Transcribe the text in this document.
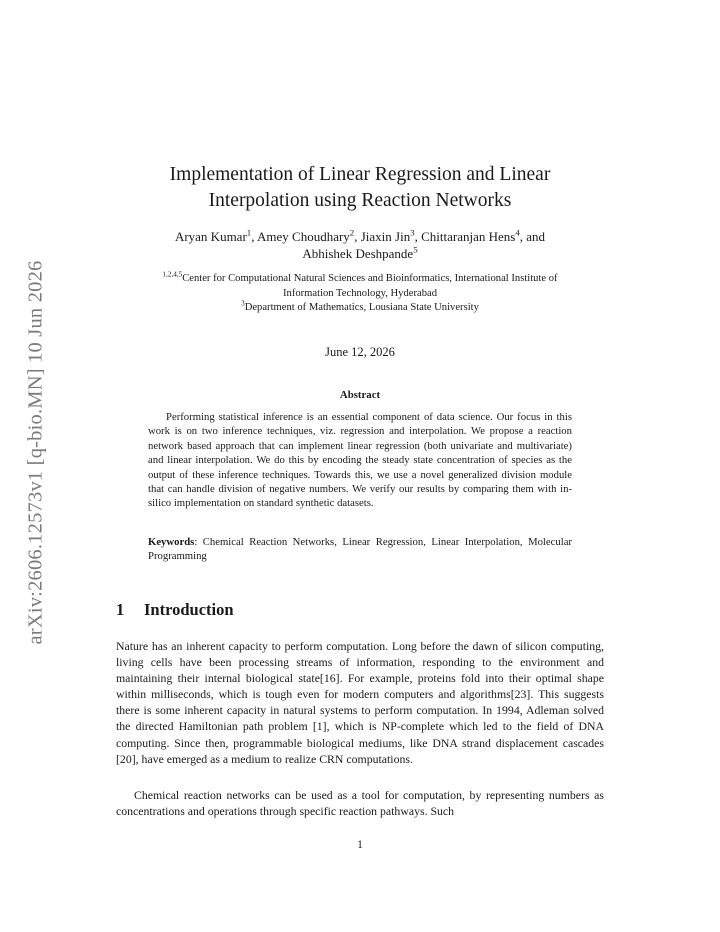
arXiv:2606.12573v1 [q-bio.MN] 10 Jun 2026
Implementation of Linear Regression and Linear
Interpolation using Reaction Networks
Aryan Kumar$^1$, Amey Choudhary$^2$, Jiaxin Jin$^3$, Chittaranjan Hens$^4$, and
Abhishek Deshpande$^5$
$^{1,2,4,5}$Center for Computational Natural Sciences and Bioinformatics, International Institute of
Information Technology, Hyderabad
$^3$Department of Mathematics, Lousiana State University
June 12, 2026
Abstract

Performing statistical inference is an essential component of data science. Our focus in this work is on two inference techniques, viz. regression and interpolation. We propose a reaction network based approach that can implement linear regression (both univariate and multivariate) and linear interpolation. We do this by encoding the steady state concentration of species as the output of these inference techniques. Towards this, we use a novel generalized division module that can handle division of negative numbers. We verify our results by comparing them with in-silico implementation on standard synthetic datasets.

Keywords: Chemical Reaction Networks, Linear Regression, Linear Interpolation, Molecular Programming

1 Introduction

Nature has an inherent capacity to perform computation. Long before the dawn of silicon computing, living cells have been processing streams of information, responding to the environment and maintaining their internal biological state[16]. For example, proteins fold into their optimal shape within milliseconds, which is tough even for modern computers and algorithms[23]. This suggests there is some inherent capacity in natural systems to perform computation. In 1994, Adleman solved the directed Hamiltonian path problem [1], which is NP-complete which led to the field of DNA computing. Since then, programmable biological mediums, like DNA strand displacement cascades [20], have emerged as a medium to realize CRN computations.

Chemical reaction networks can be used as a tool for computation, by representing numbers as concentrations and operations through specific reaction pathways. Such

1
